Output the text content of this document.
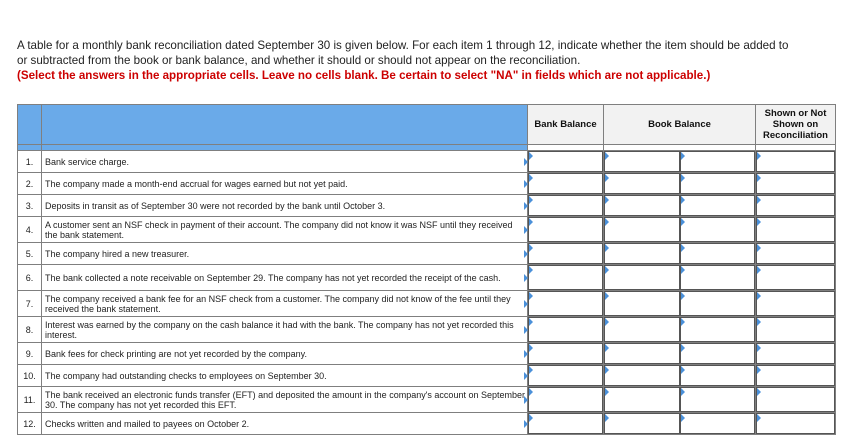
A table for a monthly bank reconciliation dated September 30 is given below. For each item 1 through 12, indicate whether the item should be added to or subtracted from the book or bank balance, and whether it should or should not appear on the reconciliation.
(Select the answers in the appropriate cells. Leave no cells blank. Be certain to select "NA" in fields which are not applicable.)
		Bank Balance	Book Balance	Shown or Not Shown on Reconciliation

1.	Bank service charge.

2.	The company made a month-end accrual for wages earned but not yet paid.

3.	Deposits in transit as of September 30 were not recorded by the bank until October 3.

4.	A customer sent an NSF check in payment of their account. The company did not know it was NSF until they received the bank statement.

5.	The company hired a new treasurer.

6.	The bank collected a note receivable on September 29. The company has not yet recorded the receipt of the cash.

7.	The company received a bank fee for an NSF check from a customer. The company did not know of the fee until they received the bank statement.

8.	Interest was earned by the company on the cash balance it had with the bank. The company has not yet recorded this interest.

9.	Bank fees for check printing are not yet recorded by the company.

10.	The company had outstanding checks to employees on September 30.

11.	The bank received an electronic funds transfer (EFT) and deposited the amount in the company's account on September 30. The company has not yet recorded this EFT.

12.	Checks written and mailed to payees on October 2.
